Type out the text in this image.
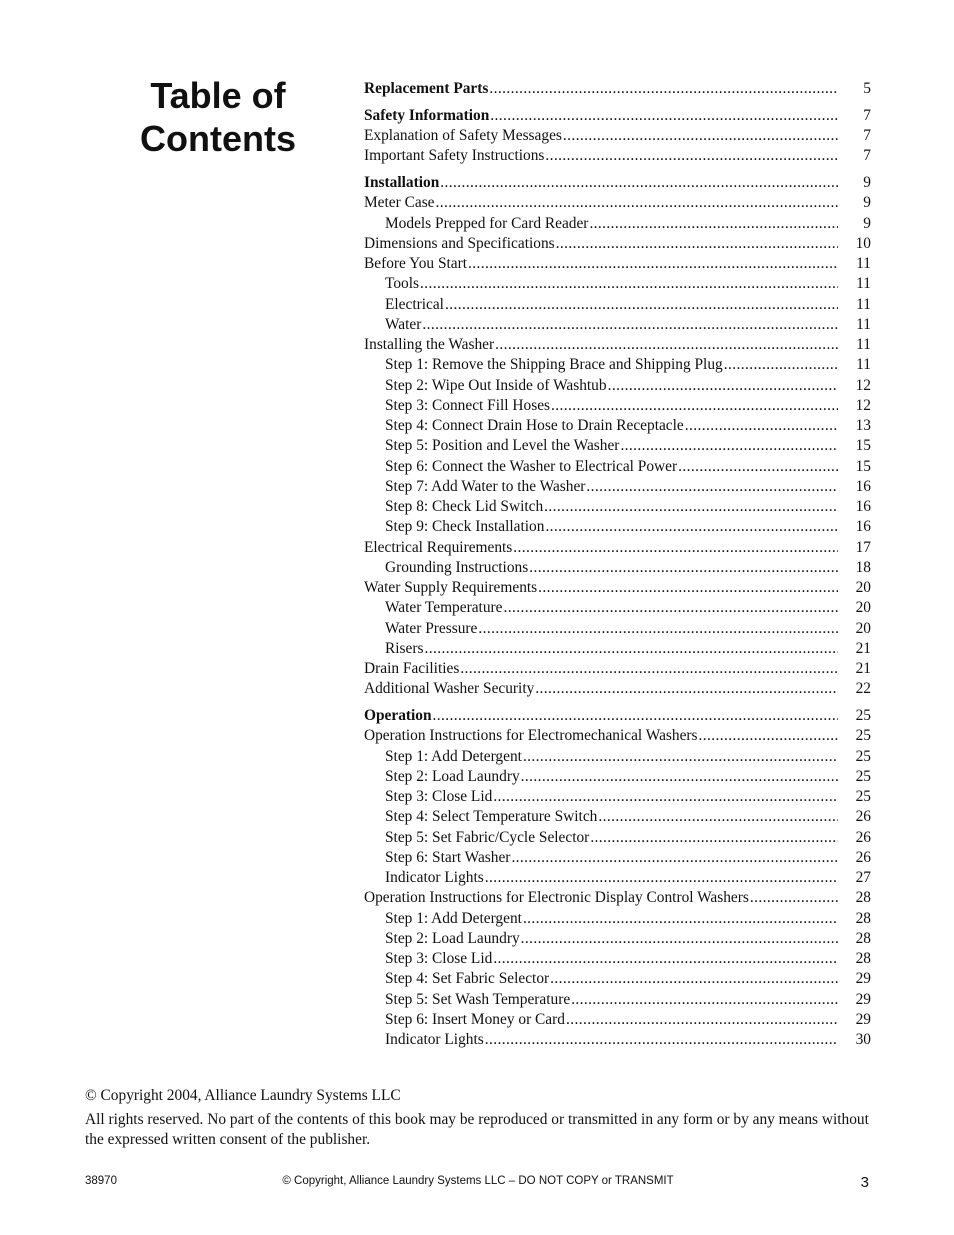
Table of Contents
Replacement Parts .....	5
Safety Information .....	7
Explanation of Safety Messages .....	7
Important Safety Instructions .....	7
Installation .....	9
Meter Case .....	9
Models Prepped for Card Reader .....	9
Dimensions and Specifications .....	10
Before You Start .....	11
Tools .....	11
Electrical .....	11
Water .....	11
Installing the Washer .....	11
Step 1: Remove the Shipping Brace and Shipping Plug .....	11
Step 2: Wipe Out Inside of Washtub .....	12
Step 3: Connect Fill Hoses .....	12
Step 4: Connect Drain Hose to Drain Receptacle .....	13
Step 5: Position and Level the Washer .....	15
Step 6: Connect the Washer to Electrical Power .....	15
Step 7: Add Water to the Washer .....	16
Step 8: Check Lid Switch .....	16
Step 9: Check Installation .....	16
Electrical Requirements .....	17
Grounding Instructions .....	18
Water Supply Requirements .....	20
Water Temperature .....	20
Water Pressure .....	20
Risers .....	21
Drain Facilities .....	21
Additional Washer Security .....	22
Operation .....	25
Operation Instructions for Electromechanical Washers .....	25
Step 1: Add Detergent .....	25
Step 2: Load Laundry .....	25
Step 3: Close Lid .....	25
Step 4: Select Temperature Switch .....	26
Step 5: Set Fabric/Cycle Selector .....	26
Step 6: Start Washer .....	26
Indicator Lights .....	27
Operation Instructions for Electronic Display Control Washers .....	28
Step 1: Add Detergent .....	28
Step 2: Load Laundry .....	28
Step 3: Close Lid .....	28
Step 4: Set Fabric Selector .....	29
Step 5: Set Wash Temperature .....	29
Step 6: Insert Money or Card .....	29
Indicator Lights .....	30

© Copyright 2004, Alliance Laundry Systems LLC

All rights reserved. No part of the contents of this book may be reproduced or transmitted in any form or by any means without the expressed written consent of the publisher.

38970	© Copyright, Alliance Laundry Systems LLC – DO NOT COPY or TRANSMIT	3
